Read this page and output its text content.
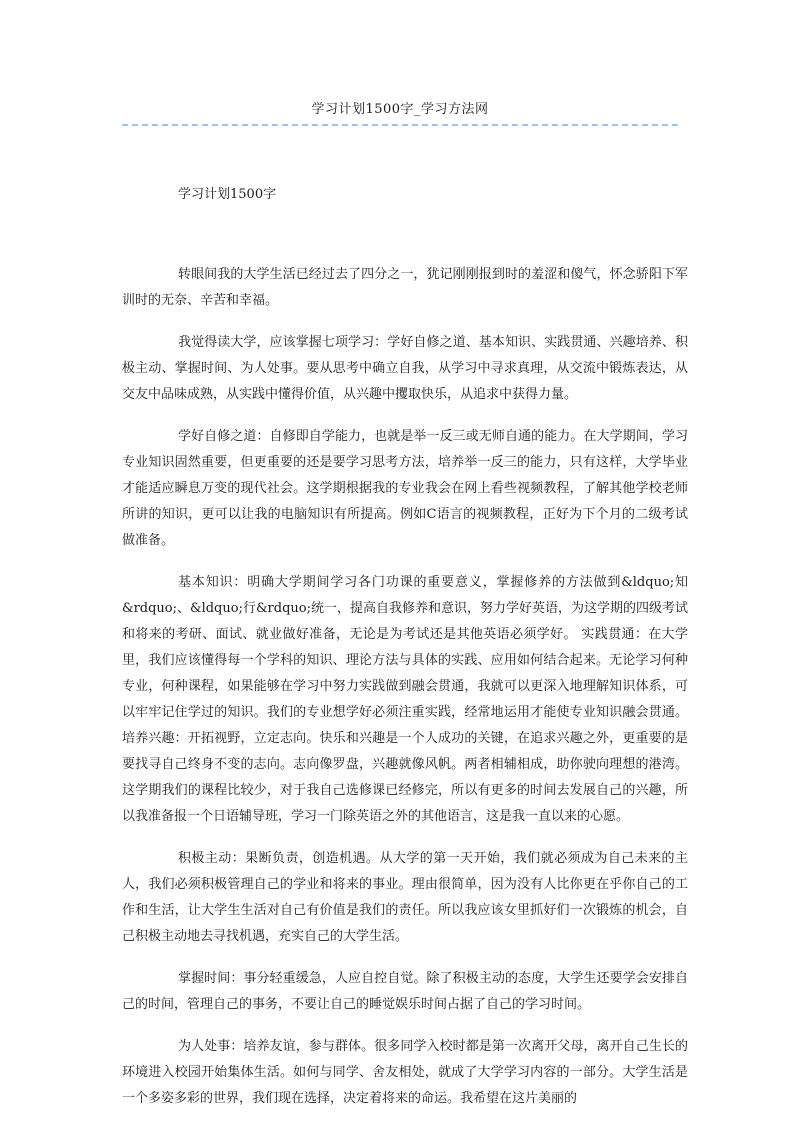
学习计划1500字_学习方法网
学习计划1500字

转眼间我的大学生活已经过去了四分之一，犹记刚刚报到时的羞涩和傻气，怀念骄阳下军训时的无奈、辛苦和幸福。

我觉得读大学，应该掌握七项学习：学好自修之道、基本知识、实践贯通、兴趣培养、积极主动、掌握时间、为人处事。要从思考中确立自我，从学习中寻求真理，从交流中锻炼表达，从交友中品味成熟，从实践中懂得价值，从兴趣中攫取快乐，从追求中获得力量。

学好自修之道：自修即自学能力，也就是举一反三或无师自通的能力。在大学期间，学习 专业知识固然重要，但更重要的还是要学习思考方法，培养举一反三的能力，只有这样，大学毕业才能适应瞬息万变的现代社会。这学期根据我的专业我会在网上看些视频教程，了解其他学校老师所讲的知识，更可以让我的电脑知识有所提高。例如C语言的视频教程，正好为下个月的二级考试做准备。

基本知识：明确大学期间学习各门功课的重要意义，掌握修养的方法做到&ldquo;知&rdquo;、&ldquo;行&rdquo;统一，提高自我修养和意识，努力学好英语，为这学期的四级考试和将来的考研、面试、就业做好准备，无论是为考试还是其他英语必须学好。 实践贯通：在大学里，我们应该懂得每一个学科的知识、理论方法与具体的实践、应用如何结合起来。无论学习何种专业，何种课程，如果能够在学习中努力实践做到融会贯通，我就可以更深入地理解知识体系，可以牢牢记住学过的知识。我们的专业想学好必须注重实践，经常地运用才能使专业知识融会贯通。 培养兴趣：开拓视野，立定志向。快乐和兴趣是一个人成功的关键，在追求兴趣之外，更重要的是要找寻自己终身不变的志向。志向像罗盘，兴趣就像风帆。两者相辅相成，助你驶向理想的港湾。这学期我们的课程比较少，对于我自己选修课已经修完，所以有更多的时间去发展自己的兴趣，所以我准备报一个日语辅导班，学习一门除英语之外的其他语言，这是我一直以来的心愿。

积极主动：果断负责，创造机遇。从大学的第一天开始，我们就必须成为自己未来的主人，我们必须积极管理自己的学业和将来的事业。理由很简单，因为没有人比你更在乎你自己的工作和生活，让大学生生活对自己有价值是我们的责任。所以我应该女里抓好们一次锻炼的机会，自己积极主动地去寻找机遇，充实自己的大学生活。

掌握时间：事分轻重缓急，人应自控自觉。除了积极主动的态度，大学生还要学会安排自己的时间，管理自己的事务，不要让自己的睡觉娱乐时间占据了自己的学习时间。

为人处事：培养友谊，参与群体。很多同学入校时都是第一次离开父母，离开自己生长的环境进入校园开始集体生活。如何与同学、舍友相处，就成了大学学习内容的一部分。大学生活是一个多姿多彩的世界，我们现在选择，决定着将来的命运。我希望在这片美丽的
